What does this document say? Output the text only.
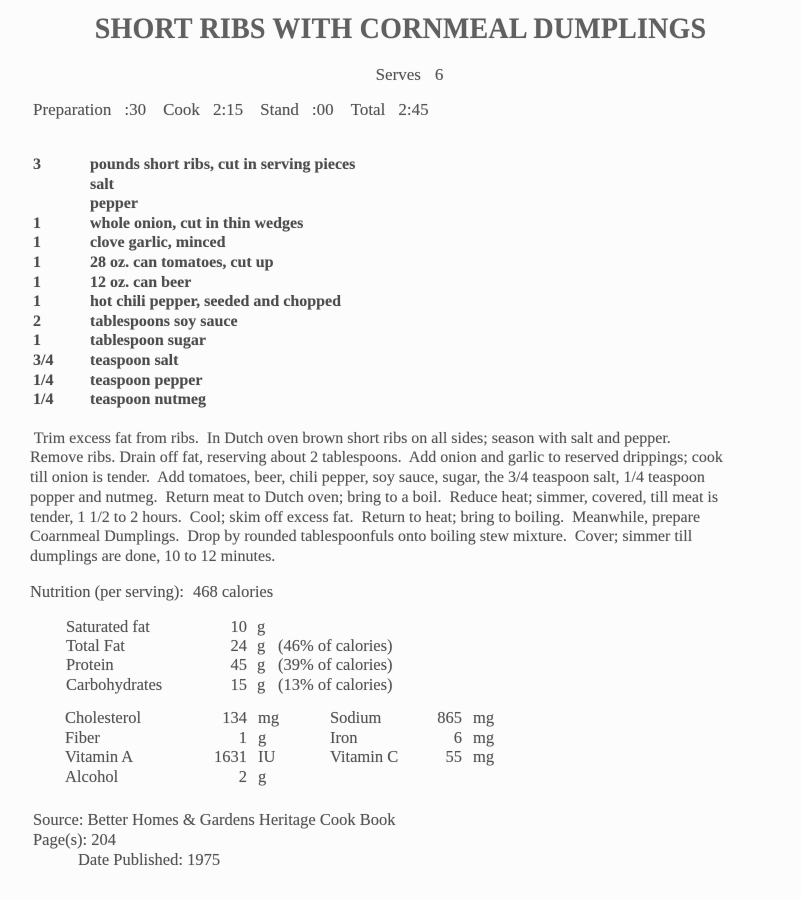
SHORT RIBS WITH CORNMEAL DUMPLINGS
Serves 6
Preparation :30 Cook 2:15 Stand :00 Total 2:45
3	pounds short ribs, cut in serving pieces
salt
pepper
1	whole onion, cut in thin wedges
1	clove garlic, minced
1	28 oz. can tomatoes, cut up
1	12 oz. can beer
1	hot chili pepper, seeded and chopped
2	tablespoons soy sauce
1	tablespoon sugar
3/4	teaspoon salt
1/4	teaspoon pepper
1/4	teaspoon nutmeg
Trim excess fat from ribs.  In Dutch oven brown short ribs on all sides; season with salt and pepper.
Remove ribs. Drain off fat, reserving about 2 tablespoons.  Add onion and garlic to reserved drippings; cook
till onion is tender.  Add tomatoes, beer, chili pepper, soy sauce, sugar, the 3/4 teaspoon salt, 1/4 teaspoon
popper and nutmeg.  Return meat to Dutch oven; bring to a boil.  Reduce heat; simmer, covered, till meat is
tender, 1 1/2 to 2 hours.  Cool; skim off excess fat.  Return to heat; bring to boiling.  Meanwhile, prepare
Coarnmeal Dumplings.  Drop by rounded tablespoonfuls onto boiling stew mixture.  Cover; simmer till
dumplings are done, 10 to 12 minutes.
Nutrition (per serving): 468 calories
Saturated fat	10 g
Total Fat	24 g (46% of calories)
Protein	45 g (39% of calories)
Carbohydrates	15 g (13% of calories)
Cholesterol	134 mg	Sodium	865 mg
Fiber	1 g	Iron	6 mg
Vitamin A	1631 IU	Vitamin C	55 mg
Alcohol	2 g
Source: Better Homes & Gardens Heritage Cook Book
Page(s): 204
Date Published: 1975
